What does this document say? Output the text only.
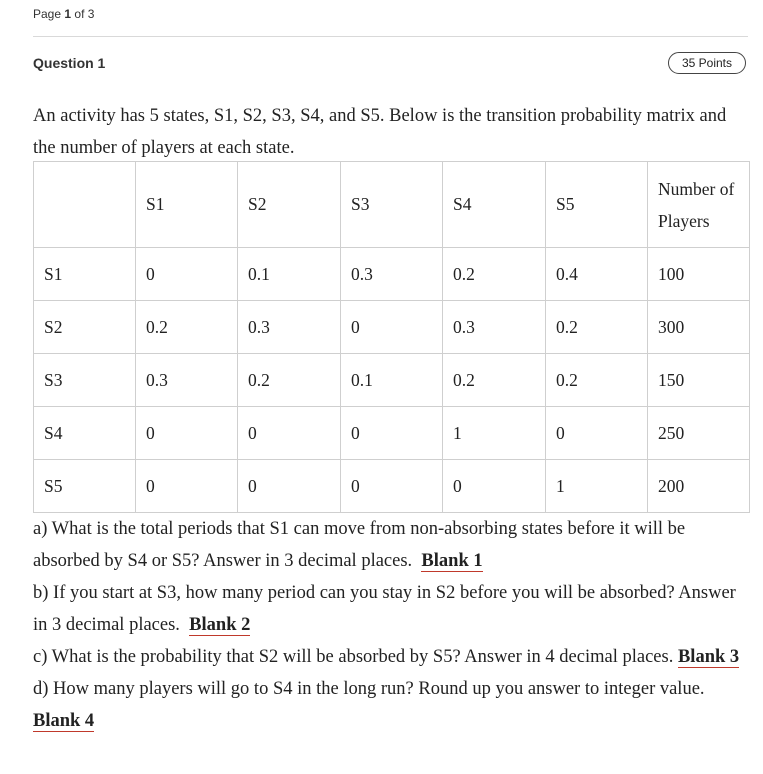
Page 1 of 3
Question 1	35 Points
An activity has 5 states, S1, S2, S3, S4, and S5. Below is the transition probability matrix and the number of players at each state.
	S1	S2	S3	S4	S5	Number of Players
S1	0	0.1	0.3	0.2	0.4	100
S2	0.2	0.3	0	0.3	0.2	300
S3	0.3	0.2	0.1	0.2	0.2	150
S4	0	0	0	1	0	250
S5	0	0	0	0	1	200

a) What is the total periods that S1 can move from non-absorbing states before it will be absorbed by S4 or S5? Answer in 3 decimal places. Blank 1

b) If you start at S3, how many period can you stay in S2 before you will be absorbed? Answer in 3 decimal places. Blank 2

c) What is the probability that S2 will be absorbed by S5? Answer in 4 decimal places. Blank 3

d) How many players will go to S4 in the long run? Round up you answer to integer value. Blank 4
